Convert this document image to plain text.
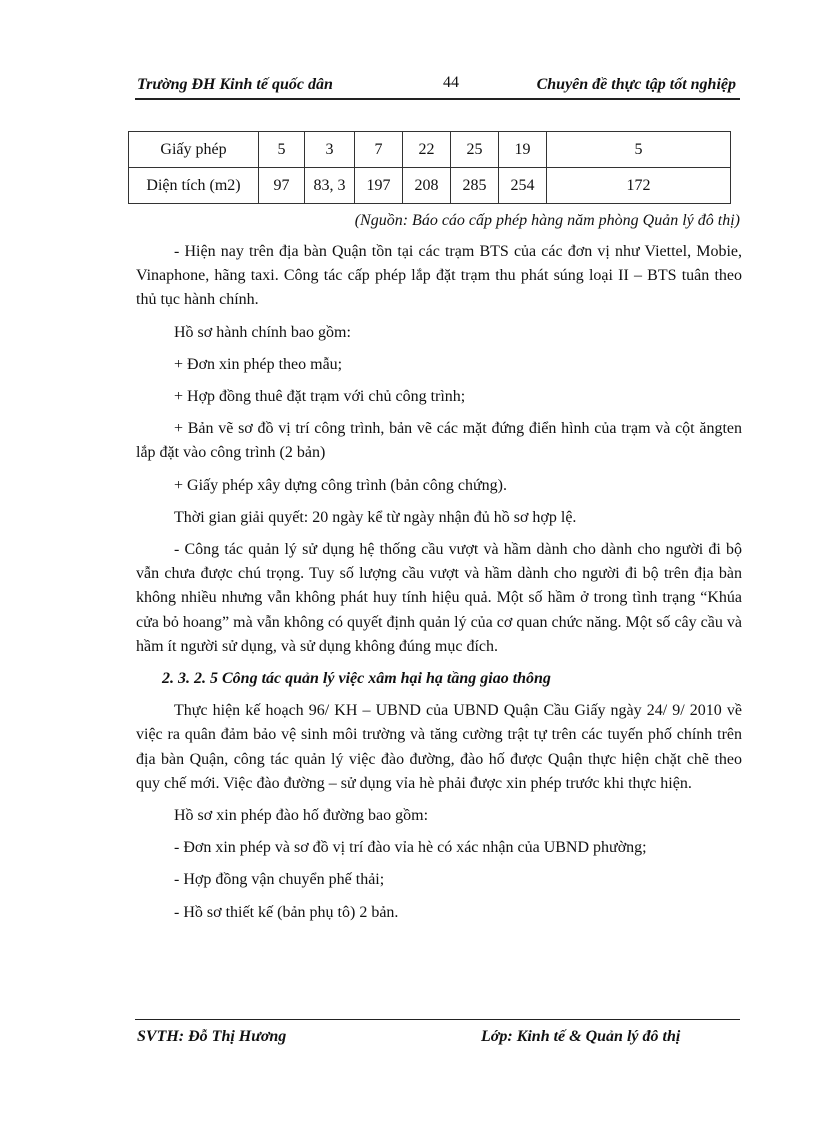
Trường ĐH Kinh tế quốc dân	44	Chuyên đề thực tập tốt nghiệp
Giấy phép	5	3	7	22	25	19	5
Diện tích (m2)	97	83, 3	197	208	285	254	172
(Nguồn: Báo cáo cấp phép hàng năm phòng Quản lý đô thị)

- Hiện nay trên địa bàn Quận tồn tại các trạm BTS của các đơn vị như Viettel, Mobie, Vinaphone, hãng taxi. Công tác cấp phép lắp đặt trạm thu phát súng loại II – BTS tuân theo thủ tục hành chính.

Hồ sơ hành chính bao gồm:

+ Đơn xin phép theo mẫu;

+ Hợp đồng thuê đặt trạm với chủ công trình;

+ Bản vẽ sơ đồ vị trí công trình, bản vẽ các mặt đứng điển hình của trạm và cột ăngten lắp đặt vào công trình (2 bản)

+ Giấy phép xây dựng công trình (bản công chứng).

Thời gian giải quyết: 20 ngày kể từ ngày nhận đủ hồ sơ hợp lệ.

- Công tác quản lý sử dụng hệ thống cầu vượt và hầm dành cho dành cho người đi bộ vẫn chưa được chú trọng. Tuy số lượng cầu vượt và hầm dành cho người đi bộ trên địa bàn không nhiều nhưng vẫn không phát huy tính hiệu quả. Một số hầm ở trong tình trạng “Khúa cửa bỏ hoang” mà vẫn không có quyết định quản lý của cơ quan chức năng. Một số cây cầu và hầm ít người sử dụng, và sử dụng không đúng mục đích.

2. 3. 2. 5 Công tác quản lý việc xâm hại hạ tầng giao thông

Thực hiện kế hoạch 96/ KH – UBND của UBND Quận Cầu Giấy ngày 24/ 9/ 2010 về việc ra quân đảm bảo vệ sinh môi trường và tăng cường trật tự trên các tuyến phố chính trên địa bàn Quận, công tác quản lý việc đào đường, đào hố được Quận thực hiện chặt chẽ theo quy chế mới. Việc đào đường – sử dụng vỉa hè phải được xin phép trước khi thực hiện.

Hồ sơ xin phép đào hố đường bao gồm:

- Đơn xin phép và sơ đồ vị trí đào vỉa hè có xác nhận của UBND phường;

- Hợp đồng vận chuyển phế thải;

- Hồ sơ thiết kế (bản phụ tô) 2 bản.

SVTH: Đỗ Thị Hương	Lớp: Kinh tế & Quản lý đô thị
